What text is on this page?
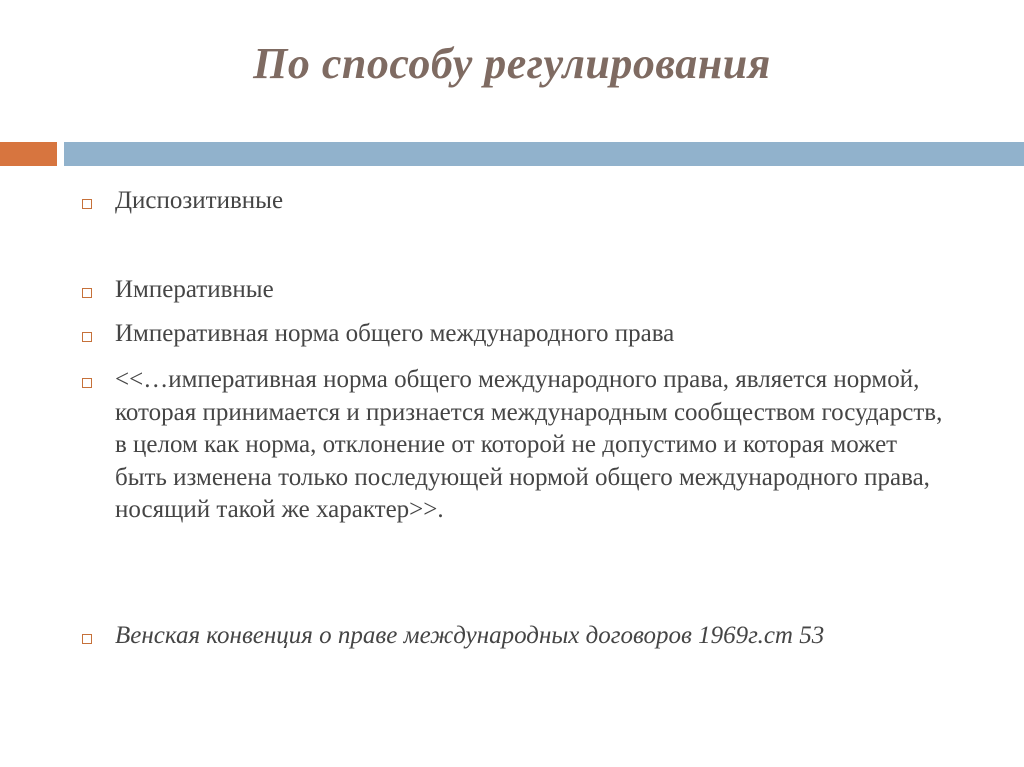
По способу регулирования
Диспозитивные
Императивные
Императивная норма общего международного права
<<…императивная норма общего международного права, является нормой, которая принимается и признается международным сообществом государств, в целом как норма, отклонение от которой не допустимо и которая может быть изменена только последующей нормой общего международного права, носящий такой же характер>>.
Венская конвенция о праве международных договоров 1969г.ст 53
